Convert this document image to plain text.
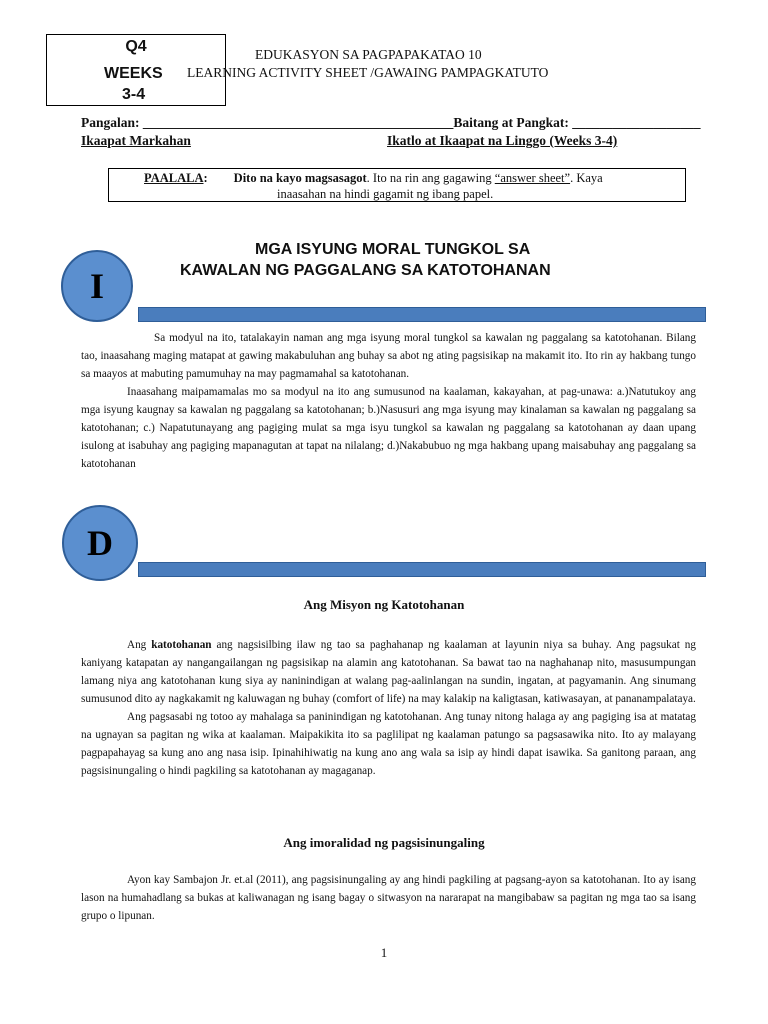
Q4
WEEKS
3-4
EDUKASYON SA PAGPAPAKATAO 10
LEARNING ACTIVITY SHEET /GAWAING PAMPAGKATUTO
Pangalan: ______________________________________________Baitang at Pangkat: ___________________
Ikaapat Markahan	Ikatlo at Ikaapat na Linggo (Weeks 3-4)
PAALALA: Dito na kayo magsasagot. Ito na rin ang gagawing “answer sheet”. Kaya
inaasahan na hindi gagamit ng ibang papel.
I
MGA ISYUNG MORAL TUNGKOL SA
KAWALAN NG PAGGALANG SA KATOTOHANAN

Sa modyul na ito, tatalakayin naman ang mga isyung moral tungkol sa kawalan ng paggalang sa katotohanan. Bilang tao, inaasahang maging matapat at gawing makabuluhan ang buhay sa abot ng ating pagsisikap na makamit ito. Ito rin ay hakbang tungo sa maayos at mabuting pamumuhay na may pagmamahal sa katotohanan.

Inaasahang maipamamalas mo sa modyul na ito ang sumusunod na kaalaman, kakayahan, at pag-unawa: a.)Natutukoy ang mga isyung kaugnay sa kawalan ng paggalang sa katotohanan; b.)Nasusuri ang mga isyung may kinalaman sa kawalan ng paggalang sa katotohanan; c.) Napatutunayang ang pagiging mulat sa mga isyu tungkol sa kawalan ng paggalang sa katotohanan ay daan upang isulong at isabuhay ang pagiging mapanagutan at tapat na nilalang; d.)Nakabubuo ng mga hakbang upang maisabuhay ang paggalang sa katotohanan

D
Ang Misyon ng Katotohanan

Ang katotohanan ang nagsisilbing ilaw ng tao sa paghahanap ng kaalaman at layunin niya sa buhay. Ang pagsukat ng kaniyang katapatan ay nangangailangan ng pagsisikap na alamin ang katotohanan. Sa bawat tao na naghahanap nito, masusumpungan lamang niya ang katotohanan kung siya ay naninindigan at walang pag-aalinlangan na sundin, ingatan, at pagyamanin. Ang sinumang sumusunod dito ay nagkakamit ng kaluwagan ng buhay (comfort of life) na may kalakip na kaligtasan, katiwasayan, at pananampalataya.

Ang pagsasabi ng totoo ay mahalaga sa paninindigan ng katotohanan. Ang tunay nitong halaga ay ang pagiging isa at matatag na ugnayan sa pagitan ng wika at kaalaman. Maipakikita ito sa paglilipat ng kaalaman patungo sa pagsasawika nito. Ito ay malayang pagpapahayag sa kung ano ang nasa isip. Ipinahihiwatig na kung ano ang wala sa isip ay hindi dapat isawika. Sa ganitong paraan, ang pagsisinungaling o hindi pagkiling sa katotohanan ay magaganap.

Ang imoralidad ng pagsisinungaling

Ayon kay Sambajon Jr. et.al (2011), ang pagsisinungaling ay ang hindi pagkiling at pagsang-ayon sa katotohanan. Ito ay isang lason na humahadlang sa bukas at kaliwanagan ng isang bagay o sitwasyon na nararapat na mangibabaw sa pagitan ng mga tao sa isang grupo o lipunan.

1
